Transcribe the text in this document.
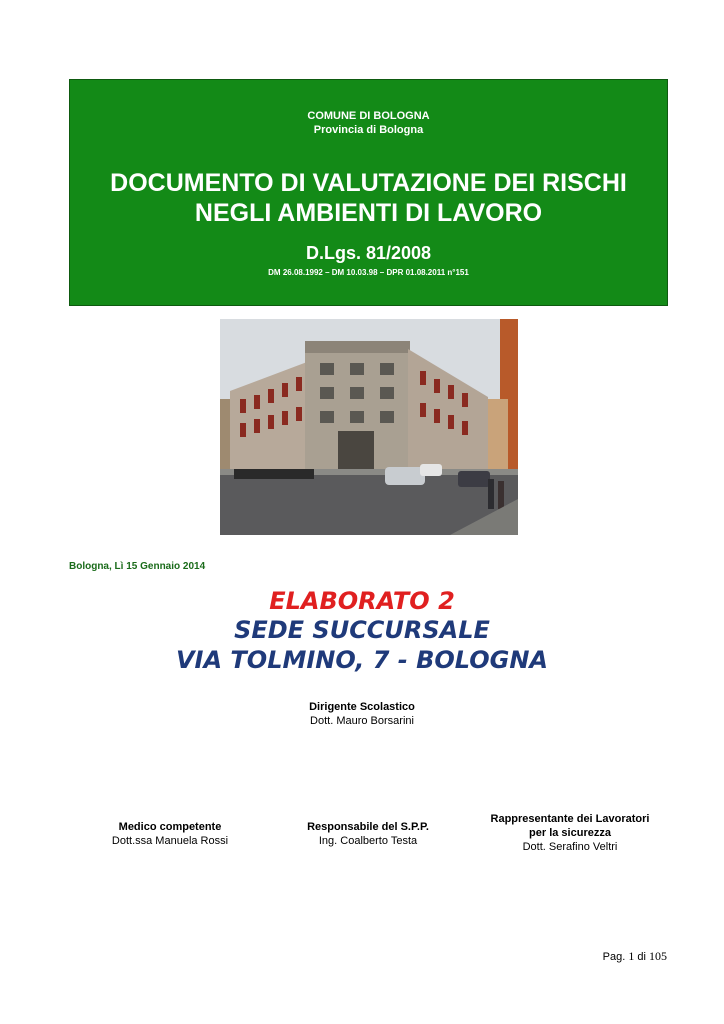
COMUNE DI BOLOGNA
Provincia di Bologna
DOCUMENTO DI VALUTAZIONE DEI RISCHI
NEGLI AMBIENTI DI LAVORO
D.Lgs. 81/2008
DM 26.08.1992 – DM 10.03.98 – DPR 01.08.2011 n°151
Bologna, Lì 15 Gennaio 2014
ELABORATO 2
SEDE SUCCURSALE
VIA TOLMINO, 7 - BOLOGNA
Dirigente Scolastico
Dott. Mauro Borsarini
Medico competente
Dott.ssa Manuela Rossi
Responsabile del S.P.P.
Ing. Coalberto Testa
Rappresentante dei Lavoratori
per la sicurezza
Dott. Serafino Veltri
Pag. 1 di 105
